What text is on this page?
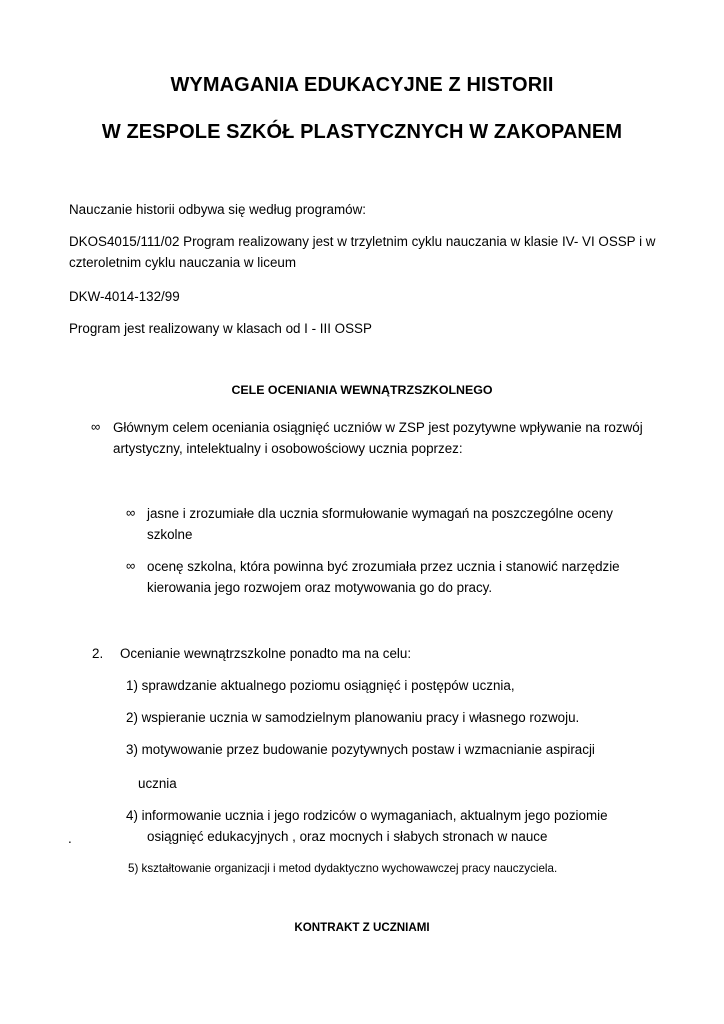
WYMAGANIA EDUKACYJNE Z HISTORII
W ZESPOLE SZKÓŁ PLASTYCZNYCH W ZAKOPANEM
Nauczanie historii odbywa się według programów:
DKOS4015/111/02 Program realizowany jest w trzyletnim cyklu nauczania w klasie IV- VI OSSP i w
czteroletnim cyklu nauczania w liceum
DKW-4014-132/99
Program jest realizowany w klasach od I - III OSSP
CELE OCENIANIA WEWNĄTRZSZKOLNEGO
∞ Głównym celem oceniania osiągnięć uczniów w ZSP jest pozytywne wpływanie na rozwój
artystyczny, intelektualny i osobowościowy ucznia poprzez:
∞ jasne i zrozumiałe dla ucznia sformułowanie wymagań na poszczególne oceny
szkolne
∞ ocenę szkolna, która powinna być zrozumiała przez ucznia i stanowić narzędzie
kierowania jego rozwojem oraz motywowania go do pracy.
2. Ocenianie wewnątrzszkolne ponadto ma na celu:
1) sprawdzanie aktualnego poziomu osiągnięć i postępów ucznia,
2) wspieranie ucznia w samodzielnym planowaniu pracy i własnego rozwoju.
3) motywowanie przez budowanie pozytywnych postaw i wzmacnianie aspiracji
ucznia
4) informowanie ucznia i jego rodziców o wymaganiach, aktualnym jego poziomie
.	osiągnięć edukacyjnych , oraz mocnych i słabych stronach w nauce
5) kształtowanie organizacji i metod dydaktyczno wychowawczej pracy nauczyciela.
KONTRAKT Z UCZNIAMI
